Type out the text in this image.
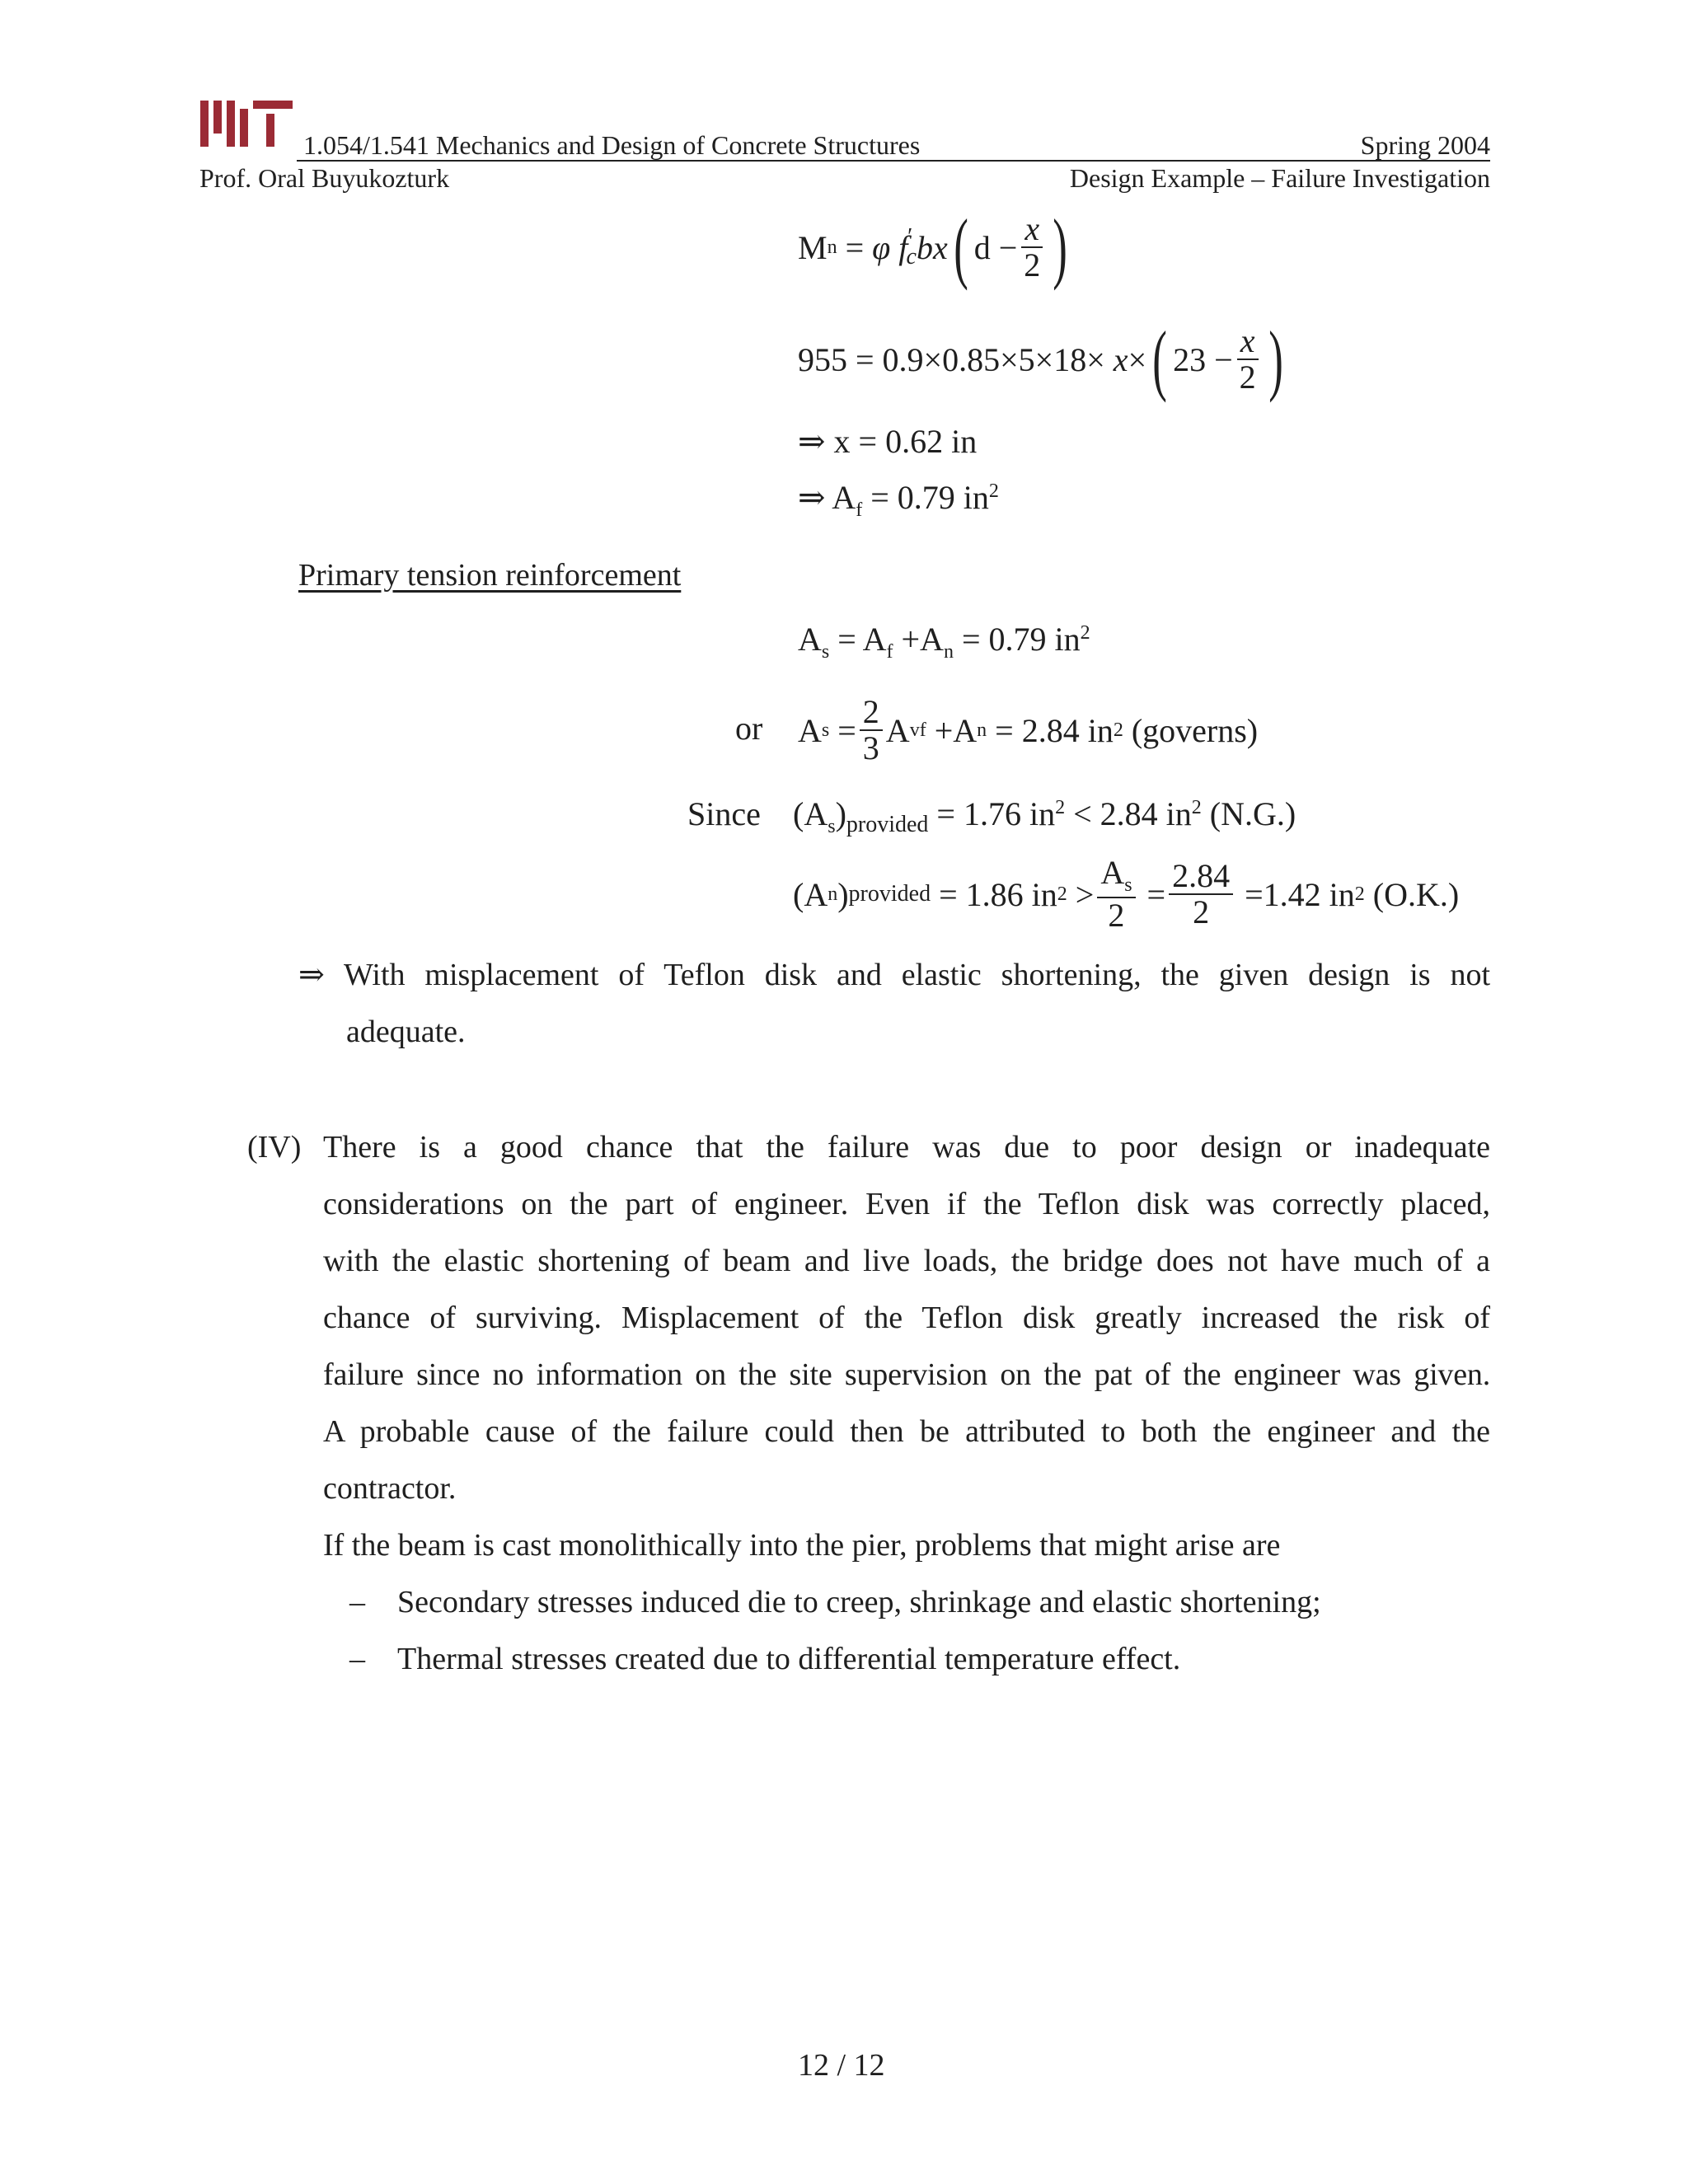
1.054/1.541 Mechanics and Design of Concrete Structures	Spring 2004
Prof. Oral Buyukozturk	Design Example – Failure Investigation
M n = φ f
′c bx ( $d - \frac{x}{2}$ )
955 = 0.9×0.85×5×18× x × ( $23 - \frac{x}{2}$ )
⇒ x = 0.62 in
⇒ $A_f = 0.79$ $in^2$
Primary tension reinforcement
$A_s = A_f +A_n = 0.79$ $in^2$
or A $s = \frac{2}{3}$ A vf +A n = 2.84 in 2 (governs)
Since $(A_s)_{provided} = 1.76$ $in^2 < 2.84$ $in^2$ (N.G.)
(A n ) provided = 1.86 in $2 > \frac{A_s}{2} = \frac{2.84}{2} =1.42$ in 2 (O.K.)
⇒ With misplacement of Teflon disk and elastic shortening, the given design is not
adequate.
(IV) There is a good chance that the failure was due to poor design or inadequate
considerations on the part of engineer. Even if the Teflon disk was correctly placed,
with the elastic shortening of beam and live loads, the bridge does not have much of a
chance of surviving. Misplacement of the Teflon disk greatly increased the risk of
failure since no information on the site supervision on the pat of the engineer was given.
A probable cause of the failure could then be attributed to both the engineer and the
contractor.
If the beam is cast monolithically into the pier, problems that might arise are
– Secondary stresses induced die to creep, shrinkage and elastic shortening;
– Thermal stresses created due to differential temperature effect.
12 / 12
